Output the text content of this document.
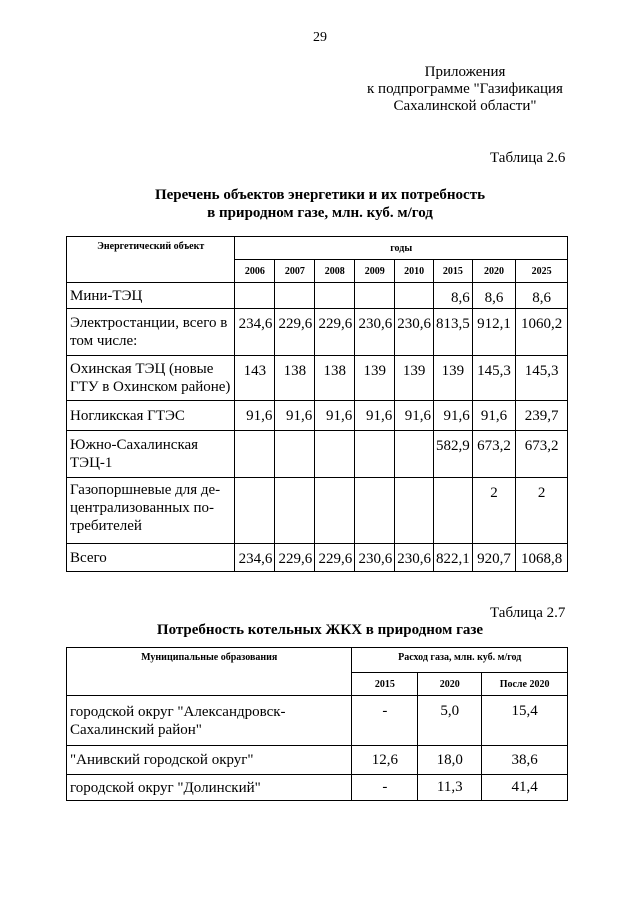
29
Приложения
к подпрограмме "Газификация
Сахалинской области"
Таблица 2.6
Перечень объектов энергетики и их потребность
в природном газе, млн. куб. м/год
Энергетический объект	годы							
	2006	2007	2008	2009	2010	2015	2020	2025
Мини-ТЭЦ						8,6	8,6	8,6
Электростанции, всего в том числе:	234,6	229,6	229,6	230,6	230,6	813,5	912,1	1060,2
Охинская ТЭЦ (новые ГТУ в Охинском районе)	143	138	138	139	139	139	145,3	145,3
Ногликская ГТЭС	91,6	91,6	91,6	91,6	91,6	91,6	91,6	239,7
Южно-Сахалинская ТЭЦ-1						582,9	673,2	673,2
Газопоршневые для де-централизованных по-требителей							2	2
Всего	234,6	229,6	229,6	230,6	230,6	822,1	920,7	1068,8
Таблица 2.7
Потребность котельных ЖКХ в природном газе
Муниципальные образования	Расход газа, млн. куб. м/год		
	2015	2020	После 2020
городской округ "Александровск-Сахалинский район"	-	5,0	15,4
"Анивский городской округ"	12,6	18,0	38,6
городской округ "Долинский"	-	11,3	41,4
